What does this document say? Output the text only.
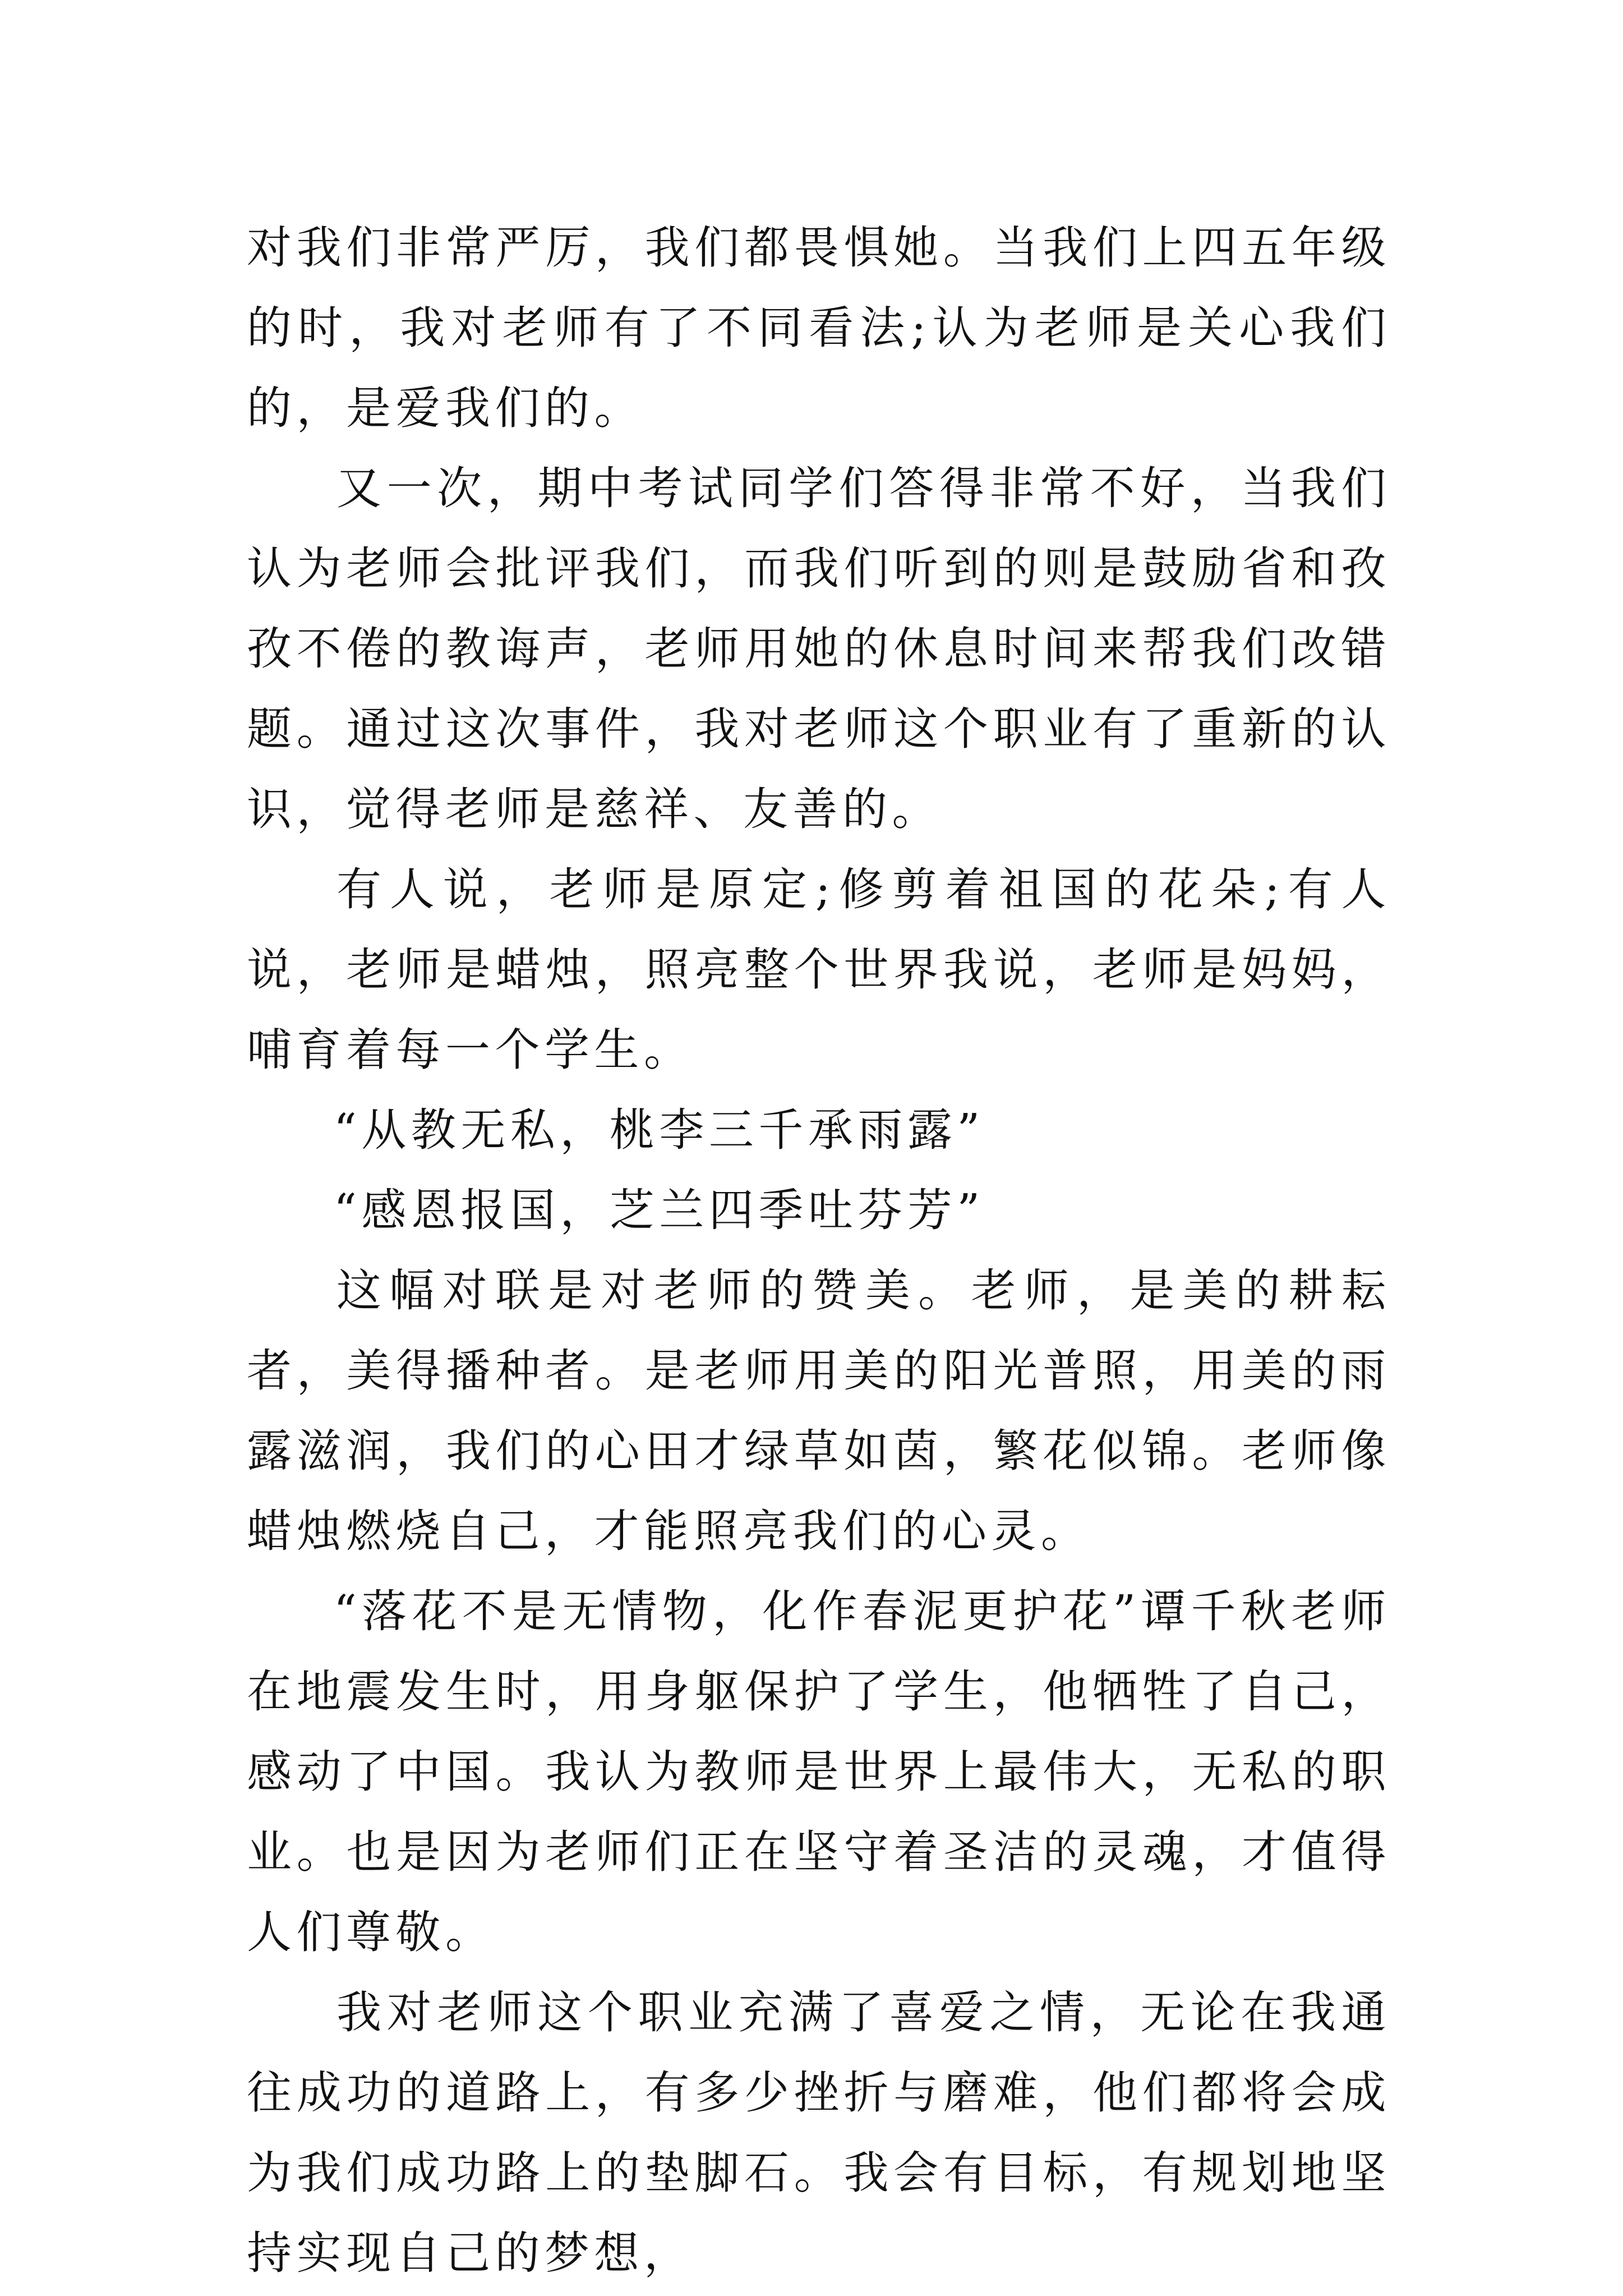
对我们非常严厉，我们都畏惧她。当我们上四五年级的时，我对老师有了不同看法;认为老师是关心我们的，是爱我们的。

又一次，期中考试同学们答得非常不好，当我们认为老师会批评我们，而我们听到的则是鼓励省和孜孜不倦的教诲声，老师用她的休息时间来帮我们改错题。通过这次事件，我对老师这个职业有了重新的认识，觉得老师是慈祥、友善的。

有人说，老师是原定;修剪着祖国的花朵;有人说，老师是蜡烛，照亮整个世界我说，老师是妈妈，哺育着每一个学生。

“从教无私，桃李三千承雨露”

“感恩报国，芝兰四季吐芬芳”

这幅对联是对老师的赞美。老师，是美的耕耘者，美得播种者。是老师用美的阳光普照，用美的雨露滋润，我们的心田才绿草如茵，繁花似锦。老师像蜡烛燃烧自己，才能照亮我们的心灵。

“落花不是无情物，化作春泥更护花”谭千秋老师在地震发生时，用身躯保护了学生，他牺牲了自己，感动了中国。我认为教师是世界上最伟大，无私的职业。也是因为老师们正在坚守着圣洁的灵魂，才值得人们尊敬。

我对老师这个职业充满了喜爱之情，无论在我通往成功的道路上，有多少挫折与磨难，他们都将会成为我们成功路上的垫脚石。我会有目标，有规划地坚持实现自己的梦想，
